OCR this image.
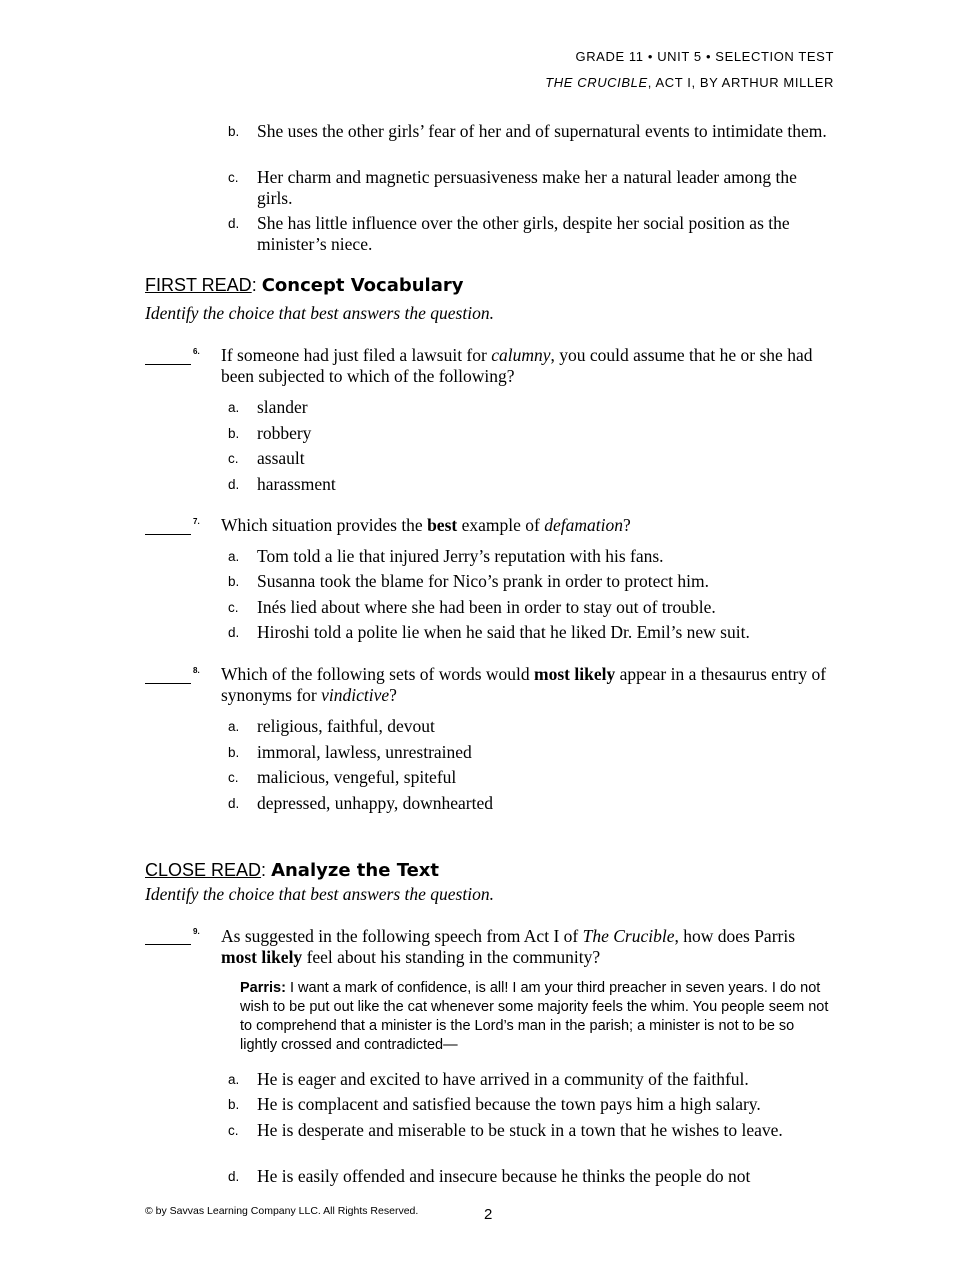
GRADE 11 • UNIT 5 • SELECTION TEST
THE CRUCIBLE, ACT I, BY ARTHUR MILLER
b. She uses the other girls’ fear of her and of supernatural events to intimidate them.
c. Her charm and magnetic persuasiveness make her a natural leader among the girls.
d. She has little influence over the other girls, despite her social position as the minister’s niece.
FIRST READ: Concept Vocabulary
Identify the choice that best answers the question.
6. If someone had just filed a lawsuit for calumny, you could assume that he or she had been subjected to which of the following?
a. slander
b. robbery
c. assault
d. harassment
7. Which situation provides the best example of defamation?
a. Tom told a lie that injured Jerry’s reputation with his fans.
b. Susanna took the blame for Nico’s prank in order to protect him.
c. Inés lied about where she had been in order to stay out of trouble.
d. Hiroshi told a polite lie when he said that he liked Dr. Emil’s new suit.
8. Which of the following sets of words would most likely appear in a thesaurus entry of synonyms for vindictive?
a. religious, faithful, devout
b. immoral, lawless, unrestrained
c. malicious, vengeful, spiteful
d. depressed, unhappy, downhearted
CLOSE READ: Analyze the Text
Identify the choice that best answers the question.
9. As suggested in the following speech from Act I of The Crucible, how does Parris most likely feel about his standing in the community?
Parris: I want a mark of confidence, is all! I am your third preacher in seven years. I do not wish to be put out like the cat whenever some majority feels the whim. You people seem not to comprehend that a minister is the Lord’s man in the parish; a minister is not to be so lightly crossed and contradicted—
a. He is eager and excited to have arrived in a community of the faithful.
b. He is complacent and satisfied because the town pays him a high salary.
c. He is desperate and miserable to be stuck in a town that he wishes to leave.
d. He is easily offended and insecure because he thinks the people do not
© by Savvas Learning Company LLC. All Rights Reserved.	2
